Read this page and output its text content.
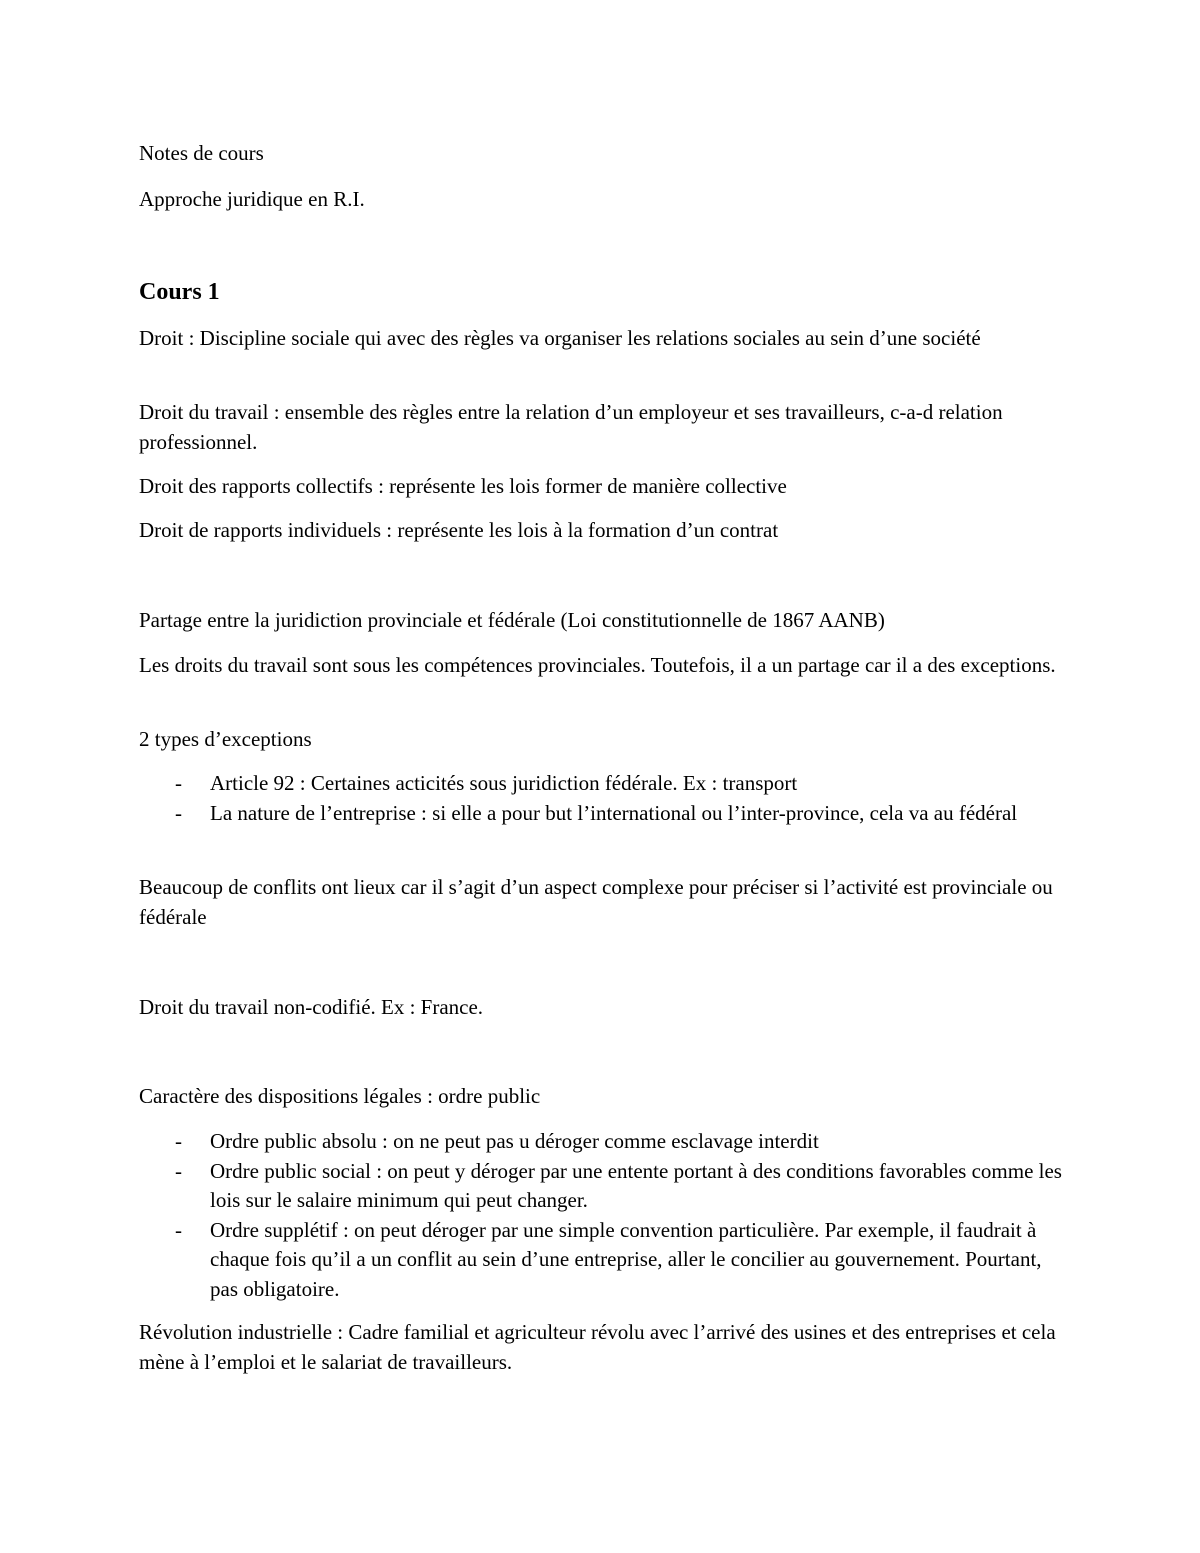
Notes de cours

Approche juridique en R.I.

Cours 1

Droit : Discipline sociale qui avec des règles va organiser les relations sociales au sein d’une société

Droit du travail : ensemble des règles entre la relation d’un employeur et ses travailleurs, c-a-d relation professionnel.

Droit des rapports collectifs : représente les lois former de manière collective

Droit de rapports individuels : représente les lois à la formation d’un contrat

Partage entre la juridiction provinciale et fédérale (Loi constitutionnelle de 1867 AANB)

Les droits du travail sont sous les compétences provinciales. Toutefois, il a un partage car il a des exceptions.

2 types d’exceptions

- Article 92 : Certaines acticités sous juridiction fédérale. Ex : transport
- La nature de l’entreprise : si elle a pour but l’international ou l’inter-province, cela va au fédéral

Beaucoup de conflits ont lieux car il s’agit d’un aspect complexe pour préciser si l’activité est provinciale ou fédérale

Droit du travail non-codifié. Ex : France.

Caractère des dispositions légales : ordre public

- Ordre public absolu : on ne peut pas u déroger comme esclavage interdit
- Ordre public social : on peut y déroger par une entente portant à des conditions favorables comme les lois sur le salaire minimum qui peut changer.
- Ordre supplétif : on peut déroger par une simple convention particulière. Par exemple, il faudrait à chaque fois qu’il a un conflit au sein d’une entreprise, aller le concilier au gouvernement. Pourtant, pas obligatoire.

Révolution industrielle : Cadre familial et agriculteur révolu avec l’arrivé des usines et des entreprises et cela mène à l’emploi et le salariat de travailleurs.
